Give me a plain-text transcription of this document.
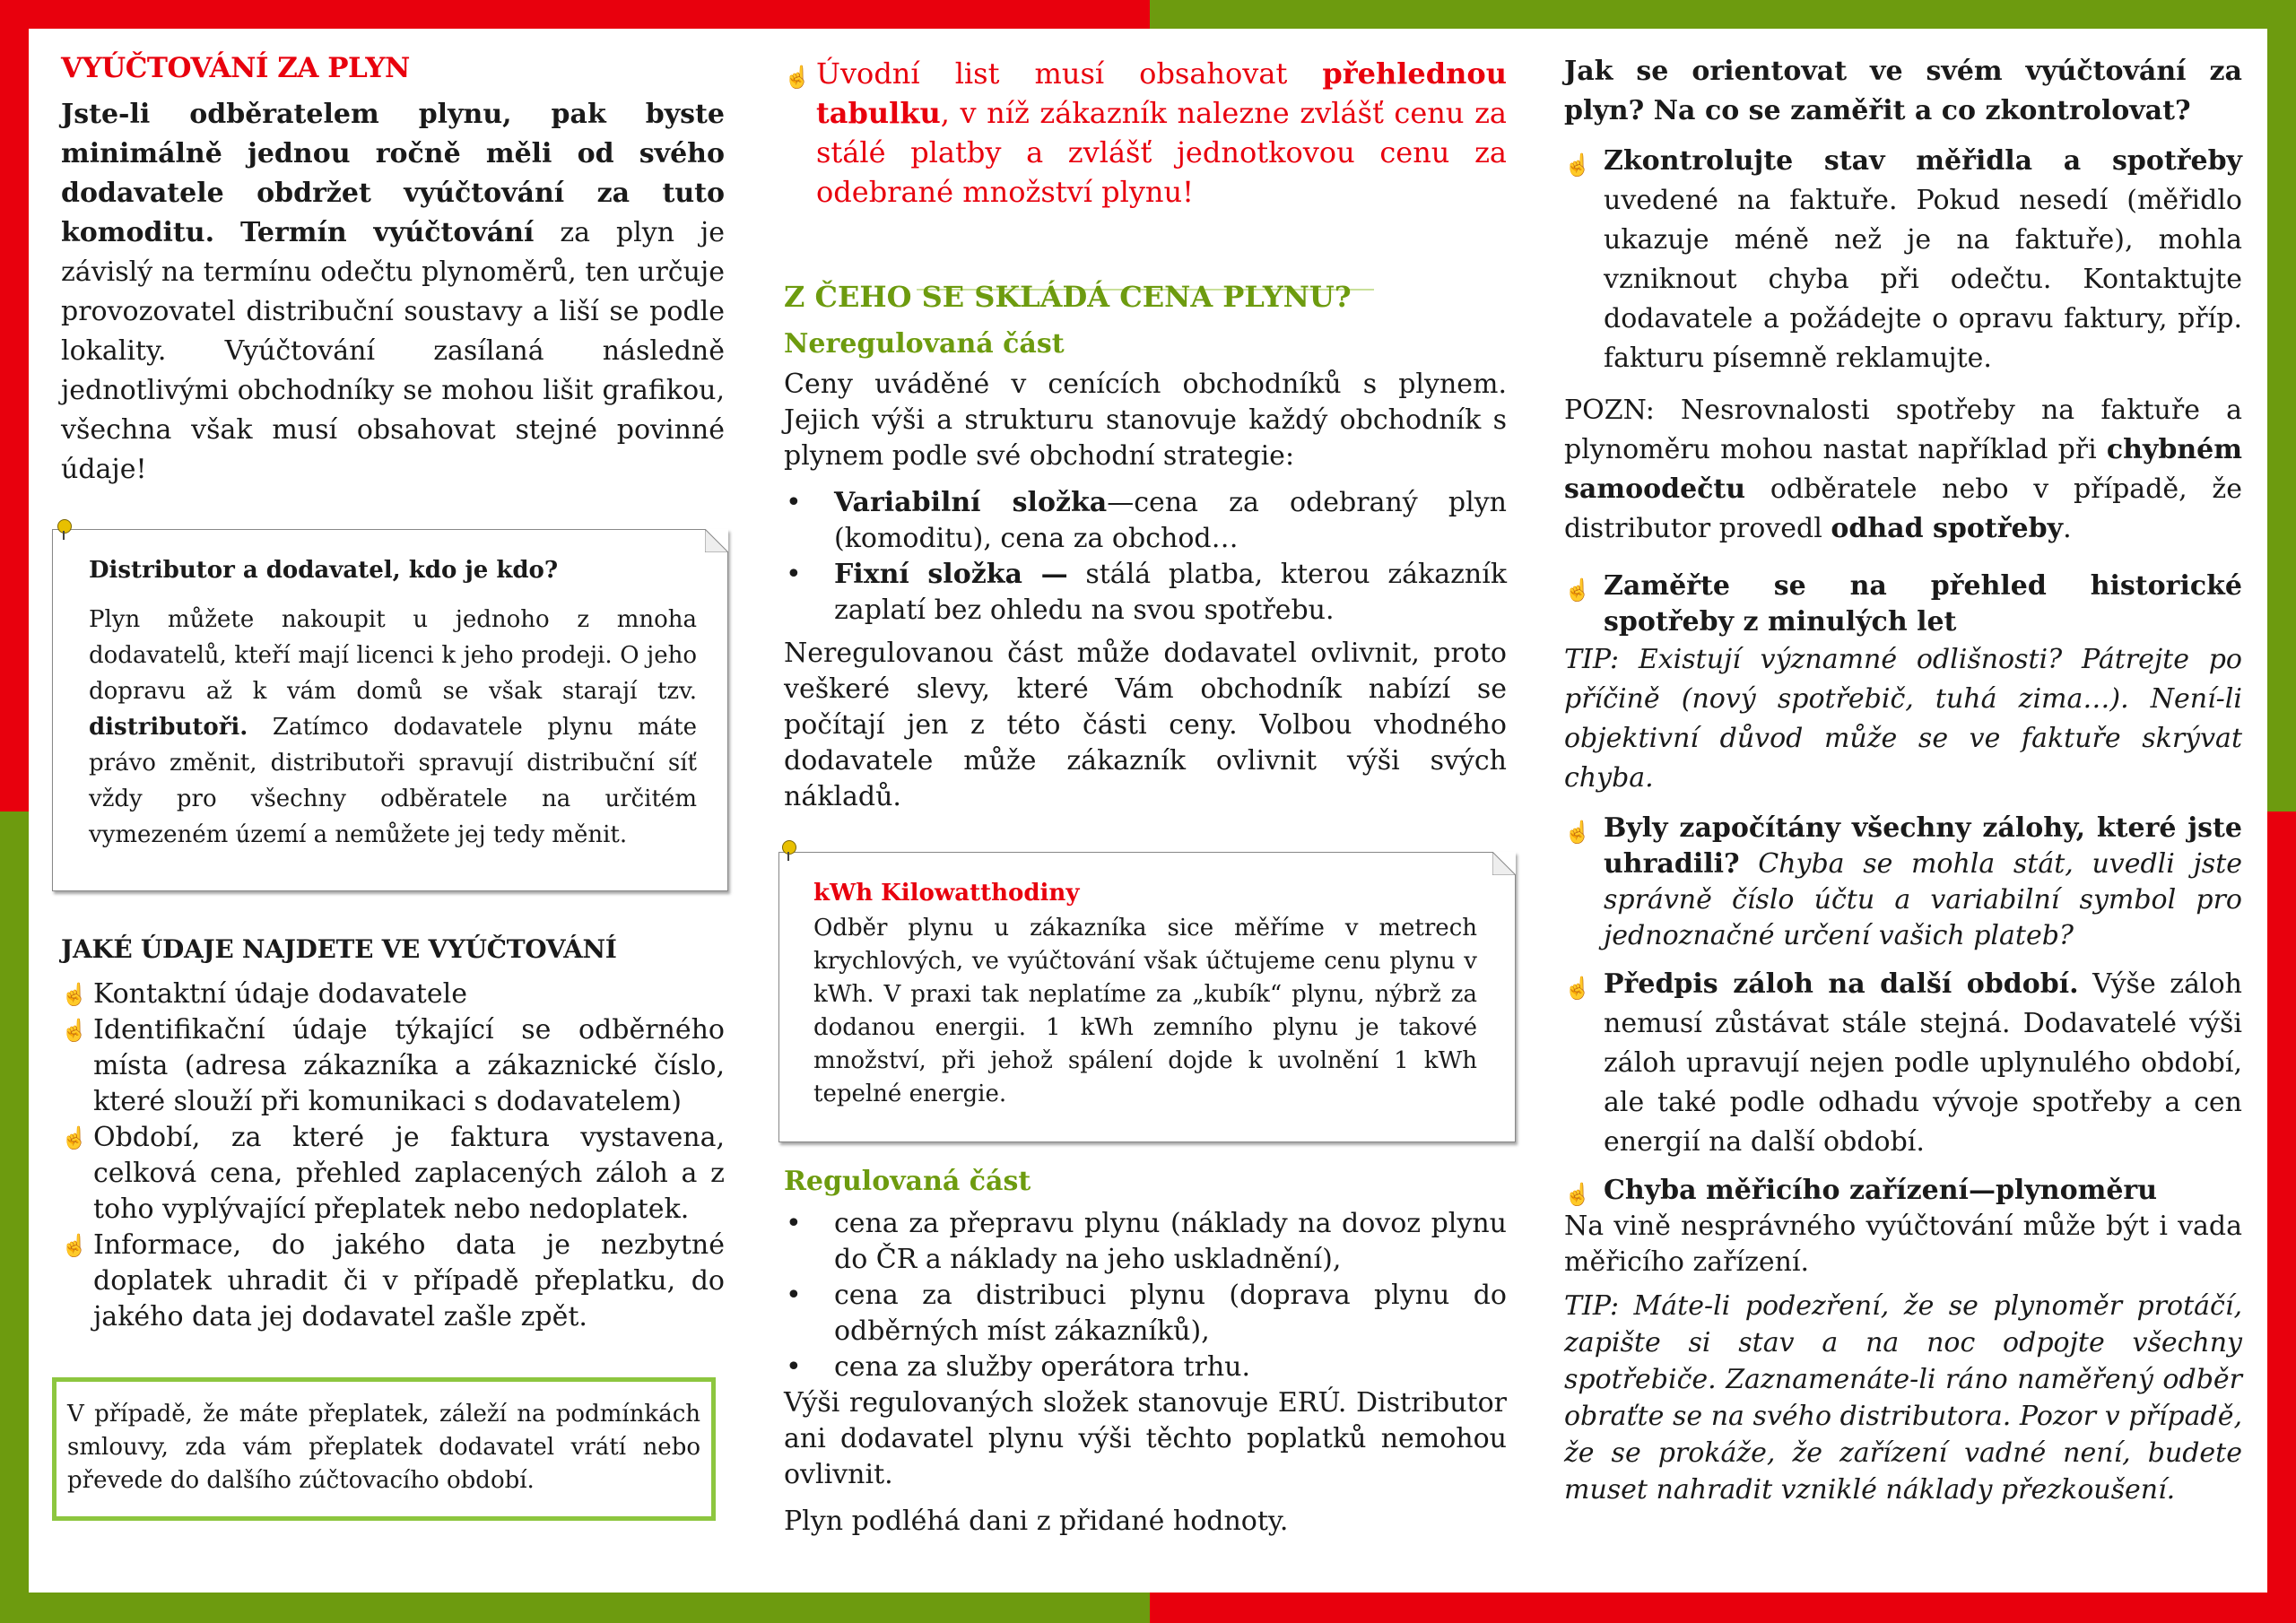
VYÚČTOVÁNÍ ZA PLYN

Jste-li odběratelem plynu, pak byste minimálně jednou ročně měli od svého dodavatele obdržet vyúčtování za tuto komoditu. Termín vyúčtování za plyn je závislý na termínu odečtu plynoměrů, ten určuje provozovatel distribuční soustavy a liší se podle lokality. Vyúčtování zasílaná následně jednotlivými obchodníky se mohou lišit grafikou, všechna však musí obsahovat stejné povinné údaje!

Distributor a dodavatel, kdo je kdo?
Plyn můžete nakoupit u jednoho z mnoha dodavatelů, kteří mají licenci k jeho prodeji. O jeho dopravu až k vám domů se však starají tzv. distributoři. Zatímco dodavatele plynu máte právo změnit, distributoři spravují distribuční síť vždy pro všechny odběratele na určitém vymezeném území a nemůžete jej tedy měnit.
JAKÉ ÚDAJE NAJDETE VE VYÚČTOVÁNÍ
☝ Kontaktní údaje dodavatele
☝ Identifikační údaje týkající se odběrného místa (adresa zákazníka a zákaznické číslo, které slouží při komunikaci s dodavatelem)
☝ Období, za které je faktura vystavena, celková cena, přehled zaplacených záloh a z toho vyplývající přeplatek nebo nedoplatek.
☝ Informace, do jakého data je nezbytné doplatek uhradit či v případě přeplatku, do jakého data jej dodavatel zašle zpět.
V případě, že máte přeplatek, záleží na podmínkách smlouvy, zda vám přeplatek dodavatel vrátí nebo převede do dalšího zúčtovacího období.

☝ Úvodní list musí obsahovat přehlednou tabulku, v níž zákazník nalezne zvlášť cenu za stálé platby a zvlášť jednotkovou cenu za odebrané množství plynu!

Z ČEHO SE SKLÁDÁ CENA PLYNU?
Neregulovaná část

Ceny uváděné v cenících obchodníků s plynem. Jejich výši a strukturu stanovuje každý obchodník s plynem podle své obchodní strategie:

• Variabilní složka—cena za odebraný plyn (komoditu), cena za obchod…
• Fixní složka — stálá platba, kterou zákazník zaplatí bez ohledu na svou spotřebu.

Neregulovanou část může dodavatel ovlivnit, proto veškeré slevy, které Vám obchodník nabízí se počítají jen z této části ceny. Volbou vhodného dodavatele může zákazník ovlivnit výši svých nákladů.

kWh Kilowatthodiny
Odběr plynu u zákazníka sice měříme v metrech krychlových, ve vyúčtování však účtujeme cenu plynu v kWh. V praxi tak neplatíme za „kubík“ plynu, nýbrž za dodanou energii. 1 kWh zemního plynu je takové množství, při jehož spálení dojde k uvolnění 1 kWh tepelné energie.
Regulovaná část
• cena za přepravu plynu (náklady na dovoz plynu do ČR a náklady na jeho uskladnění),
• cena za distribuci plynu (doprava plynu do odběrných míst zákazníků),
• cena za služby operátora trhu.

Výši regulovaných složek stanovuje ERÚ. Distributor ani dodavatel plynu výši těchto poplatků nemohou ovlivnit.

Plyn podléhá dani z přidané hodnoty.

Jak se orientovat ve svém vyúčtování za plyn? Na co se zaměřit a co zkontrolovat?

☝ Zkontrolujte stav měřidla a spotřeby uvedené na faktuře. Pokud nesedí (měřidlo ukazuje méně než je na faktuře), mohla vzniknout chyba při odečtu. Kontaktujte dodavatele a požádejte o opravu faktury, příp. fakturu písemně reklamujte.

POZN: Nesrovnalosti spotřeby na faktuře a plynoměru mohou nastat například při chybném samoodečtu odběratele nebo v případě, že distributor provedl odhad spotřeby.

☝ Zaměřte se na přehled historické spotřeby z minulých let

TIP: Existují významné odlišnosti? Pátrejte po příčině (nový spotřebič, tuhá zima…). Není-li objektivní důvod může se ve faktuře skrývat chyba.

☝ Byly započítány všechny zálohy, které jste uhradili? Chyba se mohla stát, uvedli jste správně číslo účtu a variabilní symbol pro jednoznačné určení vašich plateb?

☝ Předpis záloh na další období. Výše záloh nemusí zůstávat stále stejná. Dodavatelé výši záloh upravují nejen podle uplynulého období, ale také podle odhadu vývoje spotřeby a cen energií na další období.

☝ Chyba měřicího zařízení—plynoměru

Na vině nesprávného vyúčtování může být i vada měřicího zařízení.

TIP: Máte-li podezření, že se plynoměr protáčí, zapište si stav a na noc odpojte všechny spotřebiče. Zaznamenáte-li ráno naměřený odběr obraťte se na svého distributora. Pozor v případě, že se prokáže, že zařízení vadné není, budete muset nahradit vzniklé náklady přezkoušení.
